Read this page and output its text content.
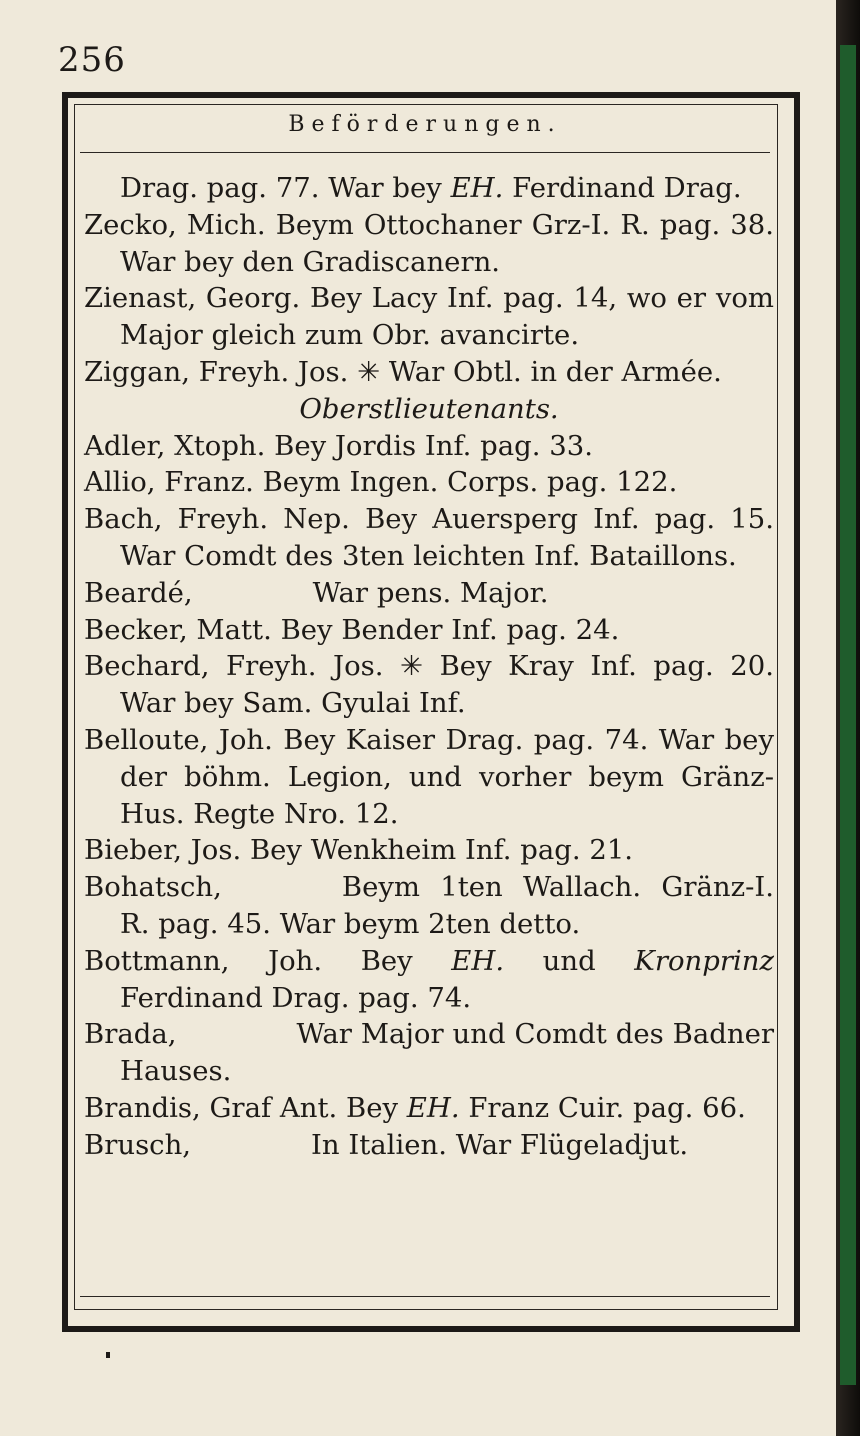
256
Beförderungen.

Drag. pag. 77. War bey EH. Ferdinand Drag.

Zecko, Mich. Beym Ottochaner Grz-I. R. pag. 38. War bey den Gradiscanern.

Zienast, Georg. Bey Lacy Inf. pag. 14, wo er vom Major gleich zum Obr. avancirte.

Ziggan, Freyh. Jos. ✳ War Obtl. in der Armée.

Oberstlieutenants.

Adler, Xtoph. Bey Jordis Inf. pag. 33.

Allio, Franz. Beym Ingen. Corps. pag. 122.

Bach, Freyh. Nep. Bey Auersperg Inf. pag. 15. War Comdt des 3ten leichten Inf. Bataillons.

Beardé,	War pens. Major.

Becker, Matt. Bey Bender Inf. pag. 24.

Bechard, Freyh. Jos. ✳ Bey Kray Inf. pag. 20. War bey Sam. Gyulai Inf.

Belloute, Joh. Bey Kaiser Drag. pag. 74. War bey der böhm. Legion, und vorher beym Gränz-Hus. Regte Nro. 12.

Bieber, Jos. Bey Wenkheim Inf. pag. 21.

Bohatsch,	Beym 1ten Wallach. Gränz-I. R. pag. 45. War beym 2ten detto.

Bottmann, Joh. Bey EH. und Kronprinz Ferdinand Drag. pag. 74.

Brada,	War Major und Comdt des Badner Hauses.

Brandis, Graf Ant. Bey EH. Franz Cuir. pag. 66.

Brusch,	In Italien. War Flügeladjut.
